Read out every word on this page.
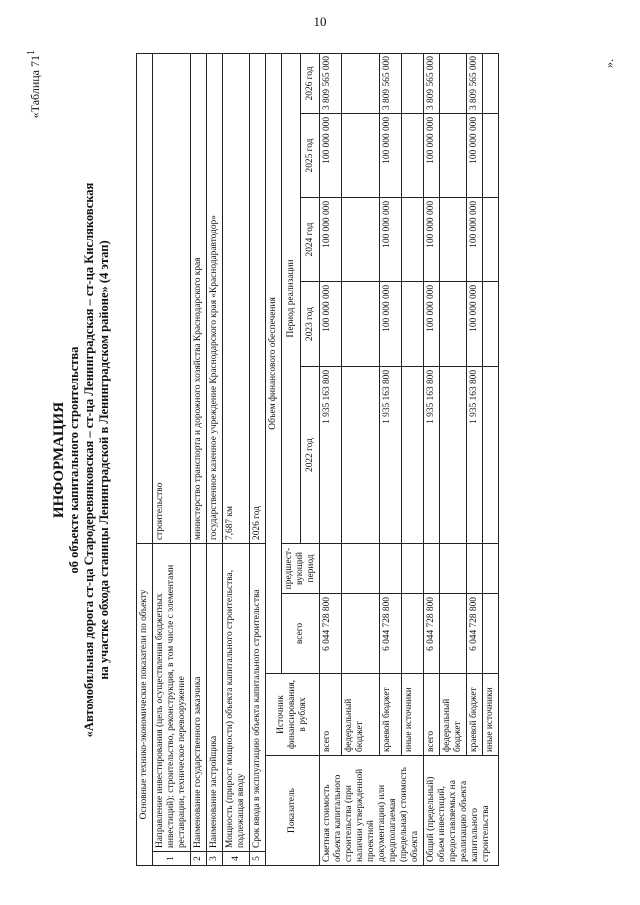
10
«Таблица $71^1$
ИНФОРМАЦИЯ об объекте капитального строительства «Автомобильная дорога ст-ца Стародеревянковская – ст-ца Ленинградская – ст-ца Кисляковская на участке обхода станицы Ленинградской в Ленинградском районе» (4 этап)
Основные технико-экономические показатели по объекту									
1	Направление инвестирования (цель осуществления бюджетных инвестиций): строительство, реконструкция, в том числе с элементами реставрации, техническое перевооружение				строительство				
2	Наименование государственного заказчика				министерство транспорта и дорожного хозяйства Краснодарского края				
3	Наименование застройщика				государственное казенное учреждение Краснодарского края «Краснодаравтодор»				
4	Мощность (прирост мощности) объекта капитального строительства, подлежащая вводу				7,687 км				
5	Срок ввода в эксплуатацию объекта капитального строительства				2026 год				
Показатель		Источник финансирования, в рублях	Объем финансового обеспечения						
			всего	предшест-вующий период	Период реализации				
					2022 год	2023 год	2024 год	2025 год	2026 год
Сметная стоимость объекта капитального строительства (при наличии утвержденной проектной документации) или предполагаемая (предельная) стоимость объекта		всего	6 044 728 800		1 935 163 800	100 000 000	100 000 000	100 000 000	3 809 565 000
		федеральный бюджет							
		краевой бюджет	6 044 728 800		1 935 163 800	100 000 000	100 000 000	100 000 000	3 809 565 000
		иные источники							
Общий (предельный) объем инвестиций, предоставляемых на реализацию объекта капитального строительства		всего	6 044 728 800		1 935 163 800	100 000 000	100 000 000	100 000 000	3 809 565 000
		федеральный бюджет							
		краевой бюджет	6 044 728 800		1 935 163 800	100 000 000	100 000 000	100 000 000	3 809 565 000
		иные источники							
».
